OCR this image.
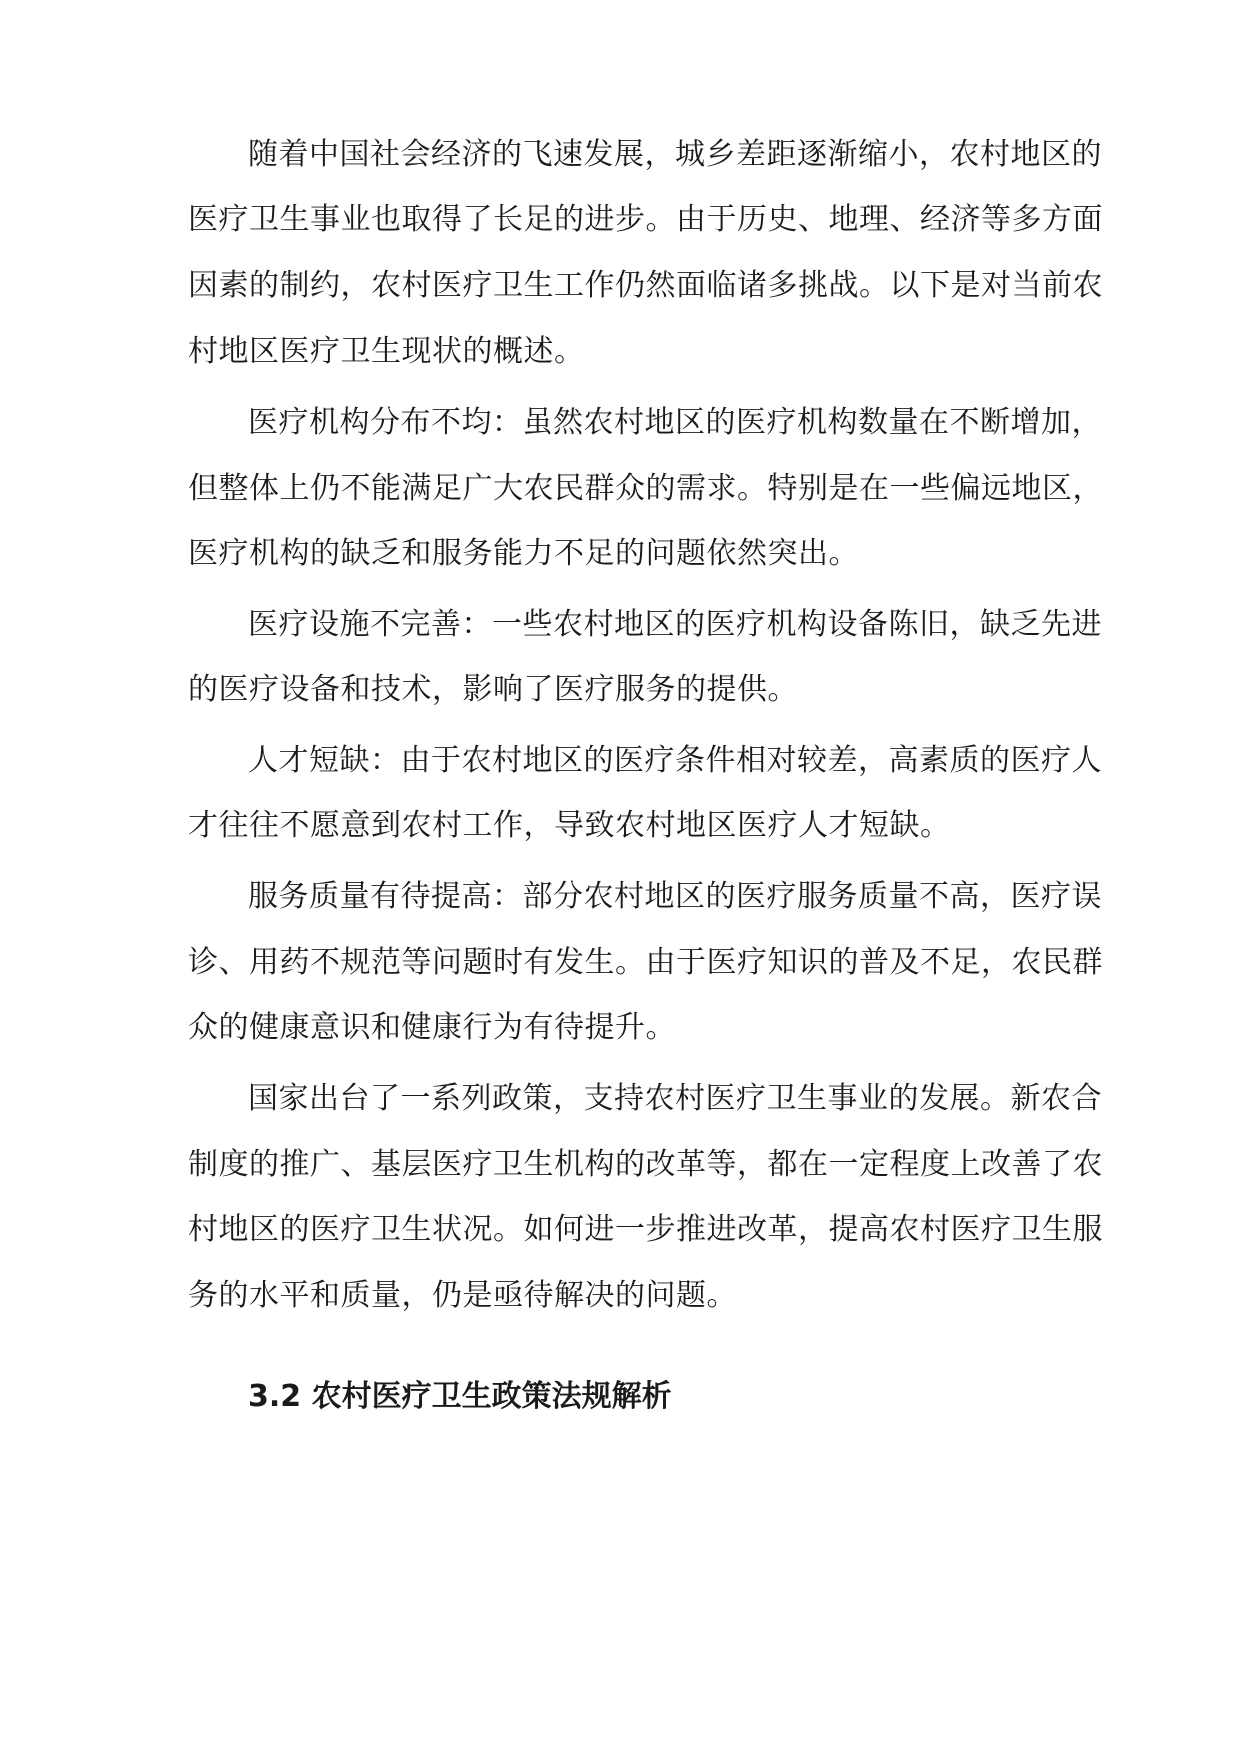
随着中国社会经济的飞速发展，城乡差距逐渐缩小，农村地区的

医疗卫生事业也取得了长足的进步。由于历史、地理、经济等多方面

因素的制约，农村医疗卫生工作仍然面临诸多挑战。以下是对当前农

村地区医疗卫生现状的概述。

医疗机构分布不均：虽然农村地区的医疗机构数量在不断增加，

但整体上仍不能满足广大农民群众的需求。特别是在一些偏远地区，

医疗机构的缺乏和服务能力不足的问题依然突出。

医疗设施不完善：一些农村地区的医疗机构设备陈旧，缺乏先进

的医疗设备和技术，影响了医疗服务的提供。

人才短缺：由于农村地区的医疗条件相对较差，高素质的医疗人

才往往不愿意到农村工作，导致农村地区医疗人才短缺。

服务质量有待提高：部分农村地区的医疗服务质量不高，医疗误

诊、用药不规范等问题时有发生。由于医疗知识的普及不足，农民群

众的健康意识和健康行为有待提升。

国家出台了一系列政策，支持农村医疗卫生事业的发展。新农合

制度的推广、基层医疗卫生机构的改革等，都在一定程度上改善了农

村地区的医疗卫生状况。如何进一步推进改革，提高农村医疗卫生服

务的水平和质量，仍是亟待解决的问题。

3.2 农村医疗卫生政策法规解析
